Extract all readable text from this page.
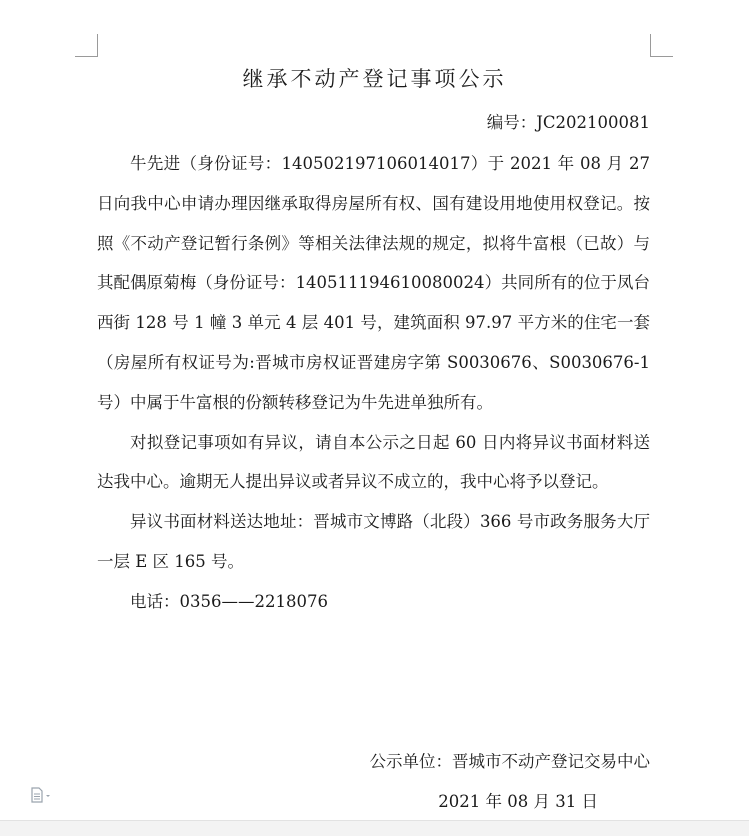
继承不动产登记事项公示
编号：JC202100081

牛先进（身份证号：140502197106014017）于 2021 年 08 月 27 日向我中心申请办理因继承取得房屋所有权、国有建设用地使用权登记。按照《不动产登记暂行条例》等相关法律法规的规定，拟将牛富根（已故）与其配偶原菊梅（身份证号：140511194610080024）共同所有的位于凤台西街 128 号 1 幢 3 单元 4 层 401 号，建筑面积 97.97 平方米的住宅一套（房屋所有权证号为:晋城市房权证晋建房字第 S0030676、S0030676-1 号）中属于牛富根的份额转移登记为牛先进单独所有。

对拟登记事项如有异议，请自本公示之日起 60 日内将异议书面材料送达我中心。逾期无人提出异议或者异议不成立的，我中心将予以登记。

异议书面材料送达地址：晋城市文博路（北段）366 号市政务服务大厅一层 E 区 165 号。

电话：0356——2218076

公示单位：晋城市不动产登记交易中心
2021 年 08 月 31 日
